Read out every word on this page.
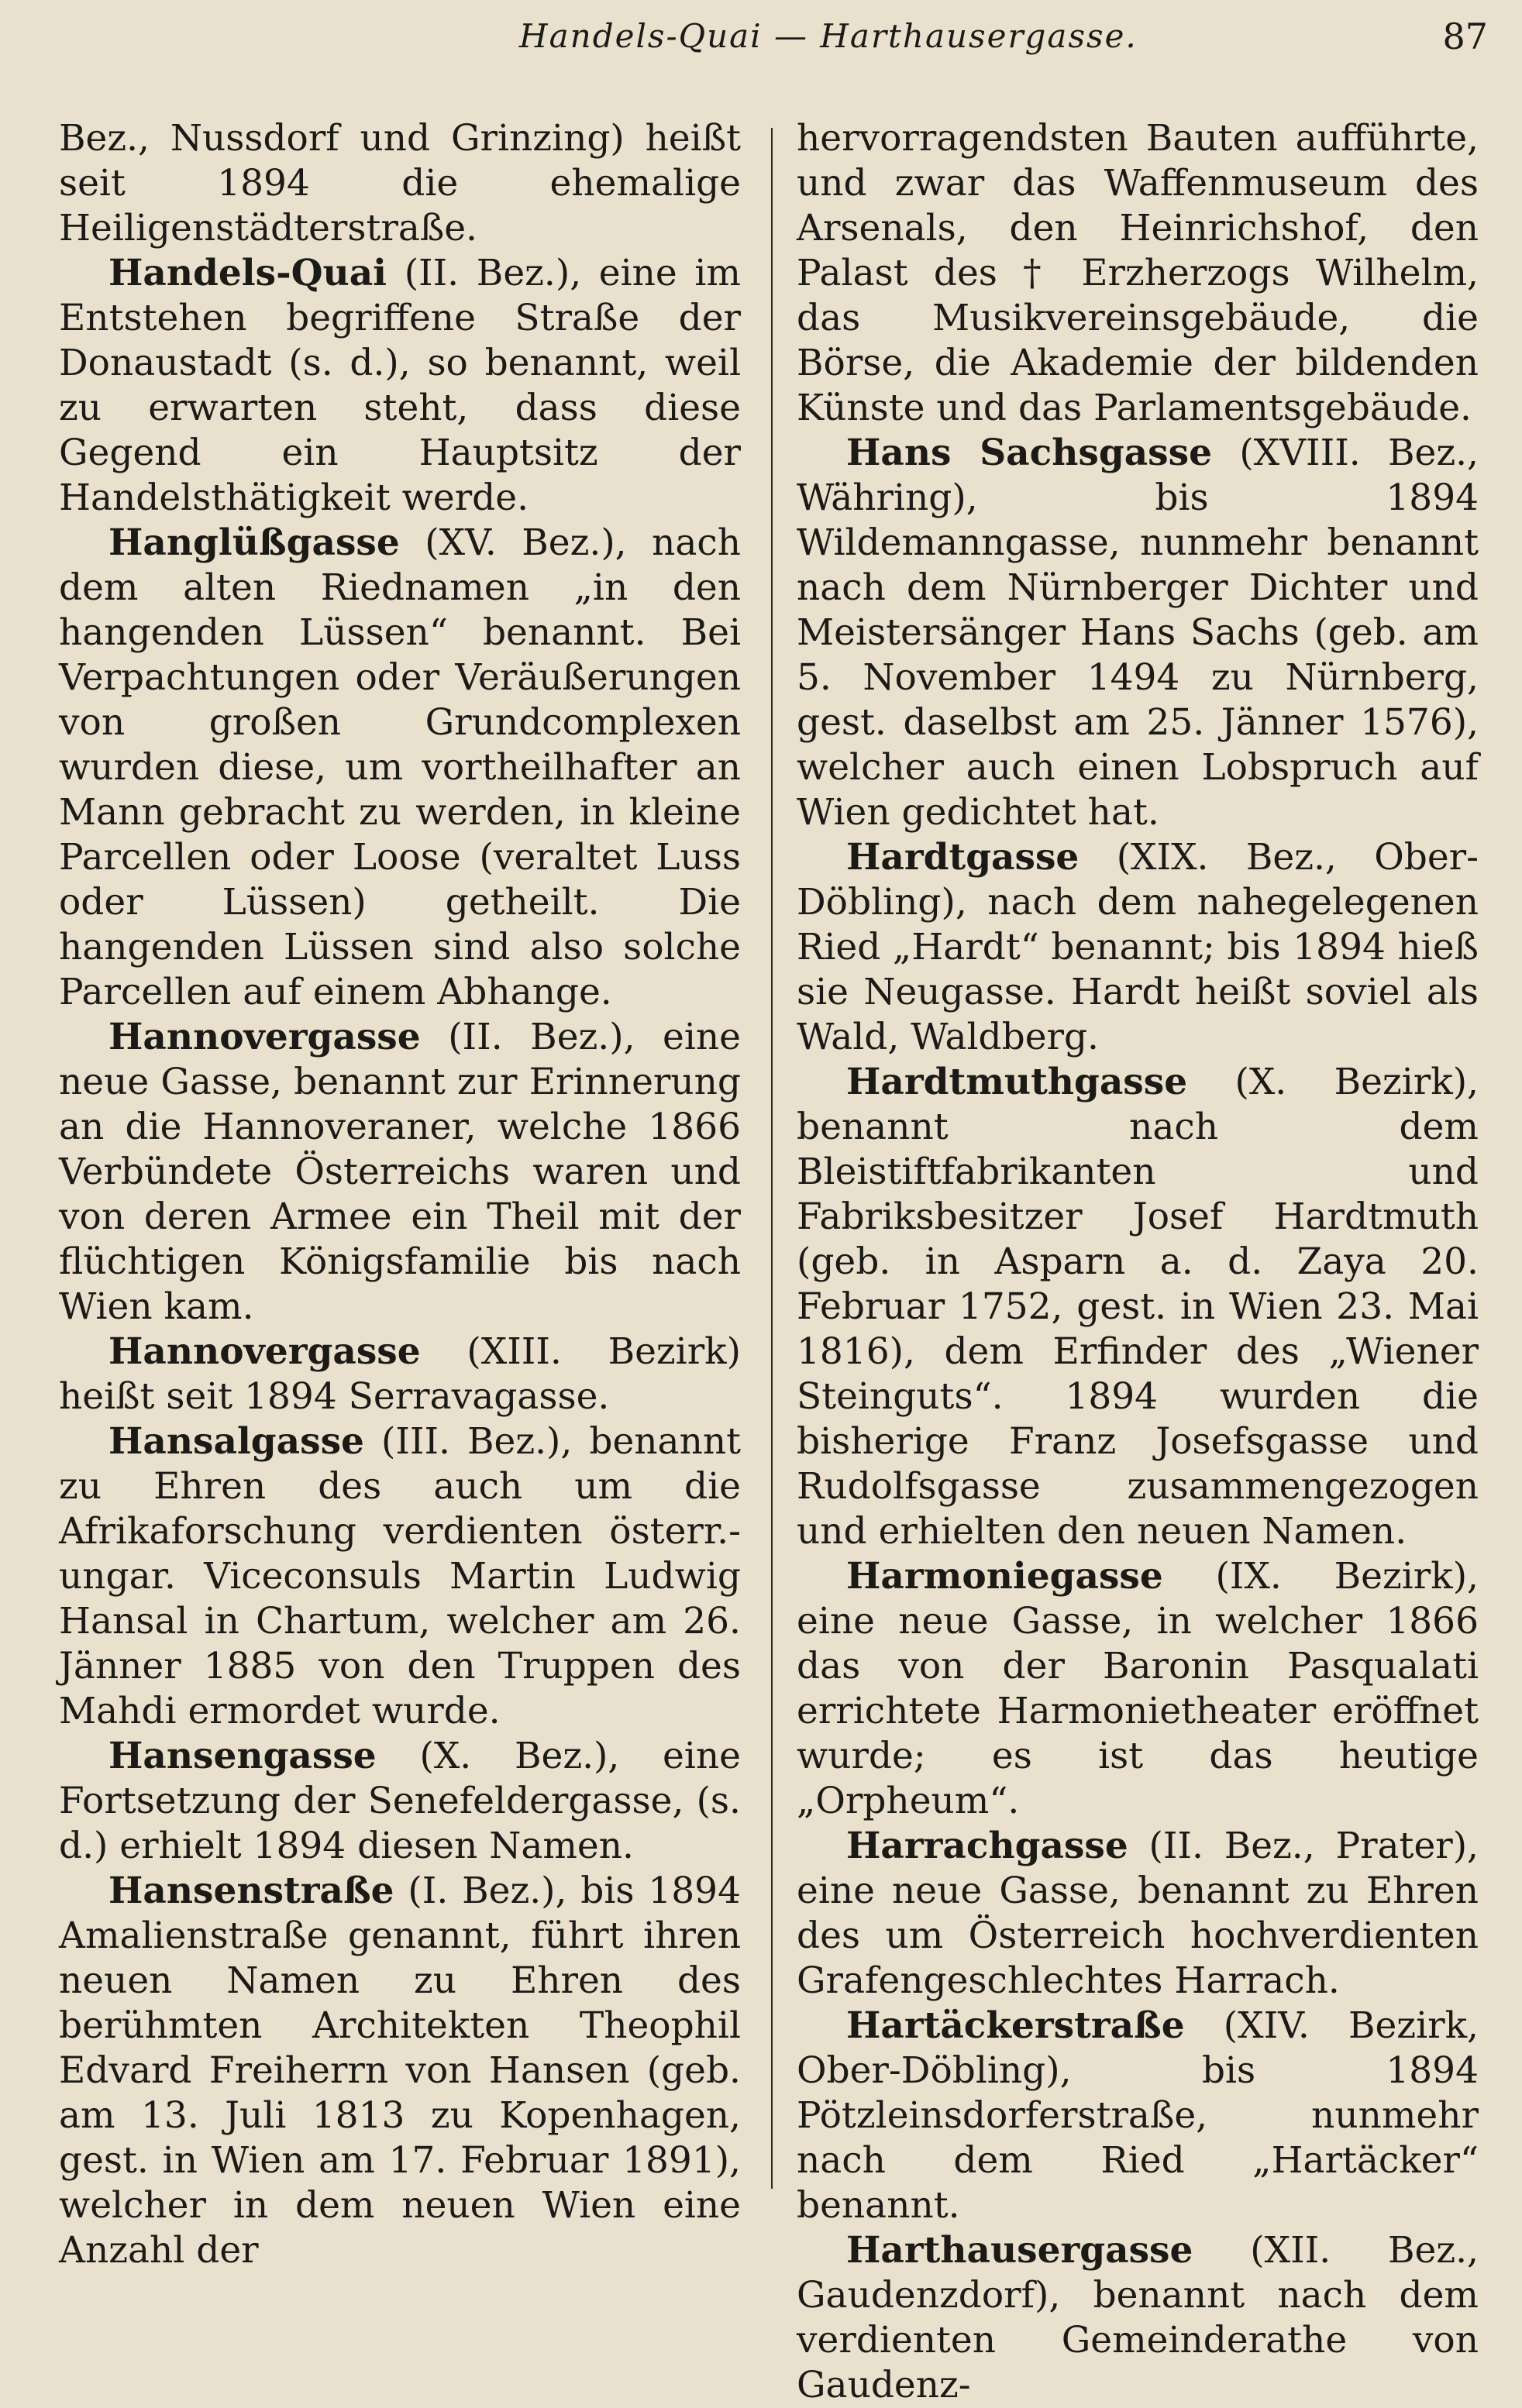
Handels-Quai — Harthausergasse.	87

Bez., Nussdorf und Grinzing) heißt seit 1894 die ehemalige Heiligenstädterstraße.

Handels-Quai (II. Bez.), eine im Entstehen begriffene Straße der Donaustadt (s. d.), so benannt, weil zu erwarten steht, dass diese Gegend ein Hauptsitz der Handelsthätigkeit werde.

Hanglüßgasse (XV. Bez.), nach dem alten Riednamen „in den hangenden Lüssen“ benannt. Bei Verpachtungen oder Veräußerungen von großen Grundcomplexen wurden diese, um vortheilhafter an Mann gebracht zu werden, in kleine Parcellen oder Loose (veraltet Luss oder Lüssen) getheilt. Die hangenden Lüssen sind also solche Parcellen auf einem Abhange.

Hannovergasse (II. Bez.), eine neue Gasse, benannt zur Erinnerung an die Hannoveraner, welche 1866 Verbündete Österreichs waren und von deren Armee ein Theil mit der flüchtigen Königsfamilie bis nach Wien kam.

Hannovergasse (XIII. Bezirk) heißt seit 1894 Serravagasse.

Hansalgasse (III. Bez.), benannt zu Ehren des auch um die Afrikaforschung verdienten österr.-ungar. Viceconsuls Martin Ludwig Hansal in Chartum, welcher am 26. Jänner 1885 von den Truppen des Mahdi ermordet wurde.

Hansengasse (X. Bez.), eine Fortsetzung der Senefeldergasse, (s. d.) erhielt 1894 diesen Namen.

Hansenstraße (I. Bez.), bis 1894 Amalienstraße genannt, führt ihren neuen Namen zu Ehren des berühmten Architekten Theophil Edvard Freiherrn von Hansen (geb. am 13. Juli 1813 zu Kopenhagen, gest. in Wien am 17. Februar 1891), welcher in dem neuen Wien eine Anzahl der

hervorragendsten Bauten aufführte, und zwar das Waffenmuseum des Arsenals, den Heinrichshof, den Palast des † Erzherzogs Wilhelm, das Musikvereinsgebäude, die Börse, die Akademie der bildenden Künste und das Parlamentsgebäude.

Hans Sachsgasse (XVIII. Bez., Währing), bis 1894 Wildemanngasse, nunmehr benannt nach dem Nürnberger Dichter und Meistersänger Hans Sachs (geb. am 5. November 1494 zu Nürnberg, gest. daselbst am 25. Jänner 1576), welcher auch einen Lobspruch auf Wien gedichtet hat.

Hardtgasse (XIX. Bez., Ober-Döbling), nach dem nahegelegenen Ried „Hardt“ benannt; bis 1894 hieß sie Neugasse. Hardt heißt soviel als Wald, Waldberg.

Hardtmuthgasse (X. Bezirk), benannt nach dem Bleistiftfabrikanten und Fabriksbesitzer Josef Hardtmuth (geb. in Asparn a. d. Zaya 20. Februar 1752, gest. in Wien 23. Mai 1816), dem Erfinder des „Wiener Steinguts“. 1894 wurden die bisherige Franz Josefsgasse und Rudolfsgasse zusammengezogen und erhielten den neuen Namen.

Harmoniegasse (IX. Bezirk), eine neue Gasse, in welcher 1866 das von der Baronin Pasqualati errichtete Harmonietheater eröffnet wurde; es ist das heutige „Orpheum“.

Harrachgasse (II. Bez., Prater), eine neue Gasse, benannt zu Ehren des um Österreich hochverdienten Grafengeschlechtes Harrach.

Hartäckerstraße (XIV. Bezirk, Ober-Döbling), bis 1894 Pötzleinsdorferstraße, nunmehr nach dem Ried „Hartäcker“ benannt.

Harthausergasse (XII. Bez., Gaudenzdorf), benannt nach dem verdienten Gemeinderathe von Gaudenz-
